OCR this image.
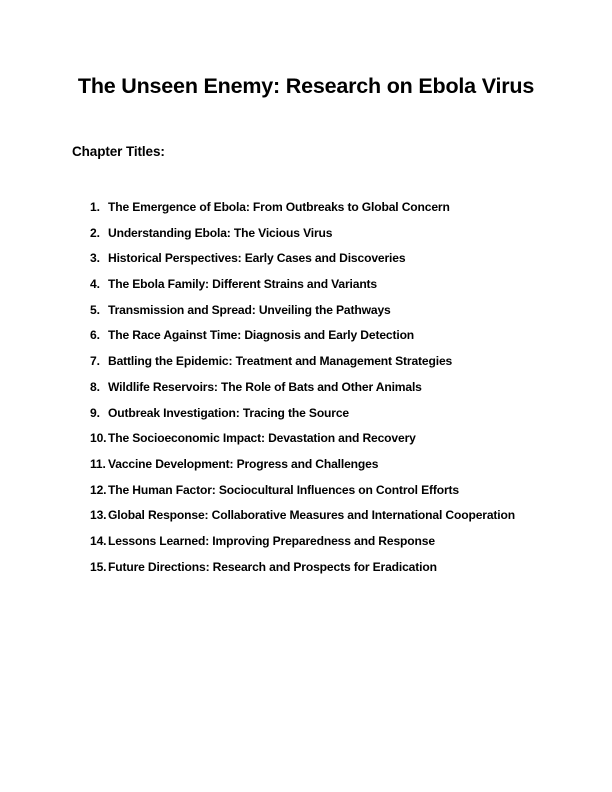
The Unseen Enemy: Research on Ebola Virus
Chapter Titles:
1. The Emergence of Ebola: From Outbreaks to Global Concern
2. Understanding Ebola: The Vicious Virus
3. Historical Perspectives: Early Cases and Discoveries
4. The Ebola Family: Different Strains and Variants
5. Transmission and Spread: Unveiling the Pathways
6. The Race Against Time: Diagnosis and Early Detection
7. Battling the Epidemic: Treatment and Management Strategies
8. Wildlife Reservoirs: The Role of Bats and Other Animals
9. Outbreak Investigation: Tracing the Source
10. The Socioeconomic Impact: Devastation and Recovery
11. Vaccine Development: Progress and Challenges
12. The Human Factor: Sociocultural Influences on Control Efforts
13. Global Response: Collaborative Measures and International Cooperation
14. Lessons Learned: Improving Preparedness and Response
15. Future Directions: Research and Prospects for Eradication
